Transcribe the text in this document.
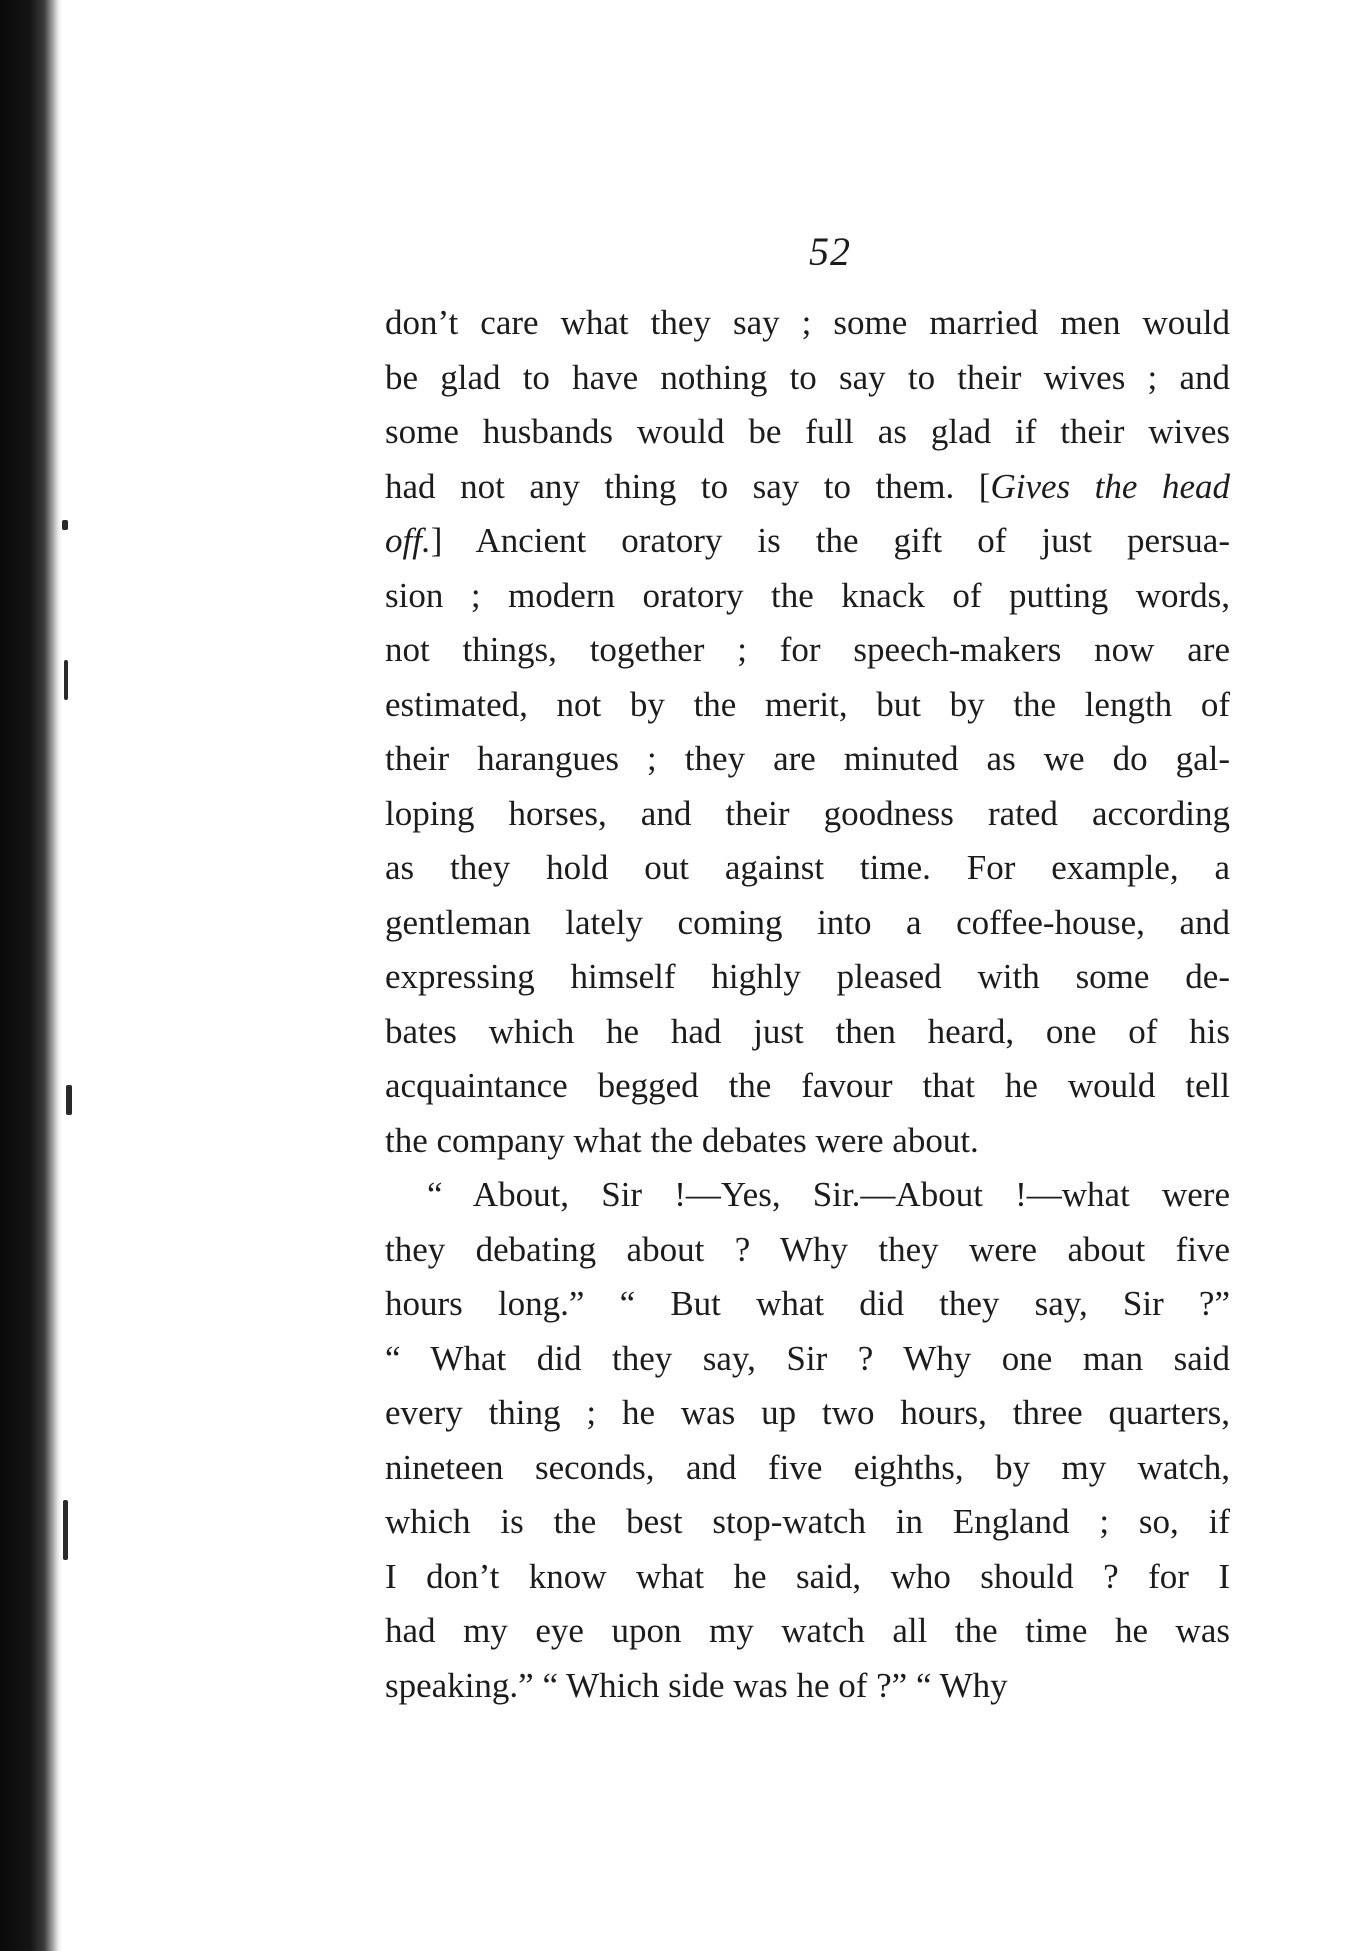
52
don’t care what they say ; some married men would
be glad to have nothing to say to their wives ; and
some husbands would be full as glad if their wives
had not any thing to say to them. [Gives the head
off.] Ancient oratory is the gift of just persua-
sion ; modern oratory the knack of putting words,
not things, together ; for speech-makers now are
estimated, not by the merit, but by the length of
their harangues ; they are minuted as we do gal-
loping horses, and their goodness rated according
as they hold out against time. For example, a
gentleman lately coming into a coffee-house, and
expressing himself highly pleased with some de-
bates which he had just then heard, one of his
acquaintance begged the favour that he would tell
the company what the debates were about.
“ About, Sir !—Yes, Sir.—About !—what were
they debating about ? Why they were about five
hours long.” “ But what did they say, Sir ?”
“ What did they say, Sir ? Why one man said
every thing ; he was up two hours, three quarters,
nineteen seconds, and five eighths, by my watch,
which is the best stop-watch in England ; so, if
I don’t know what he said, who should ? for I
had my eye upon my watch all the time he was
speaking.” “ Which side was he of ?” “ Why
